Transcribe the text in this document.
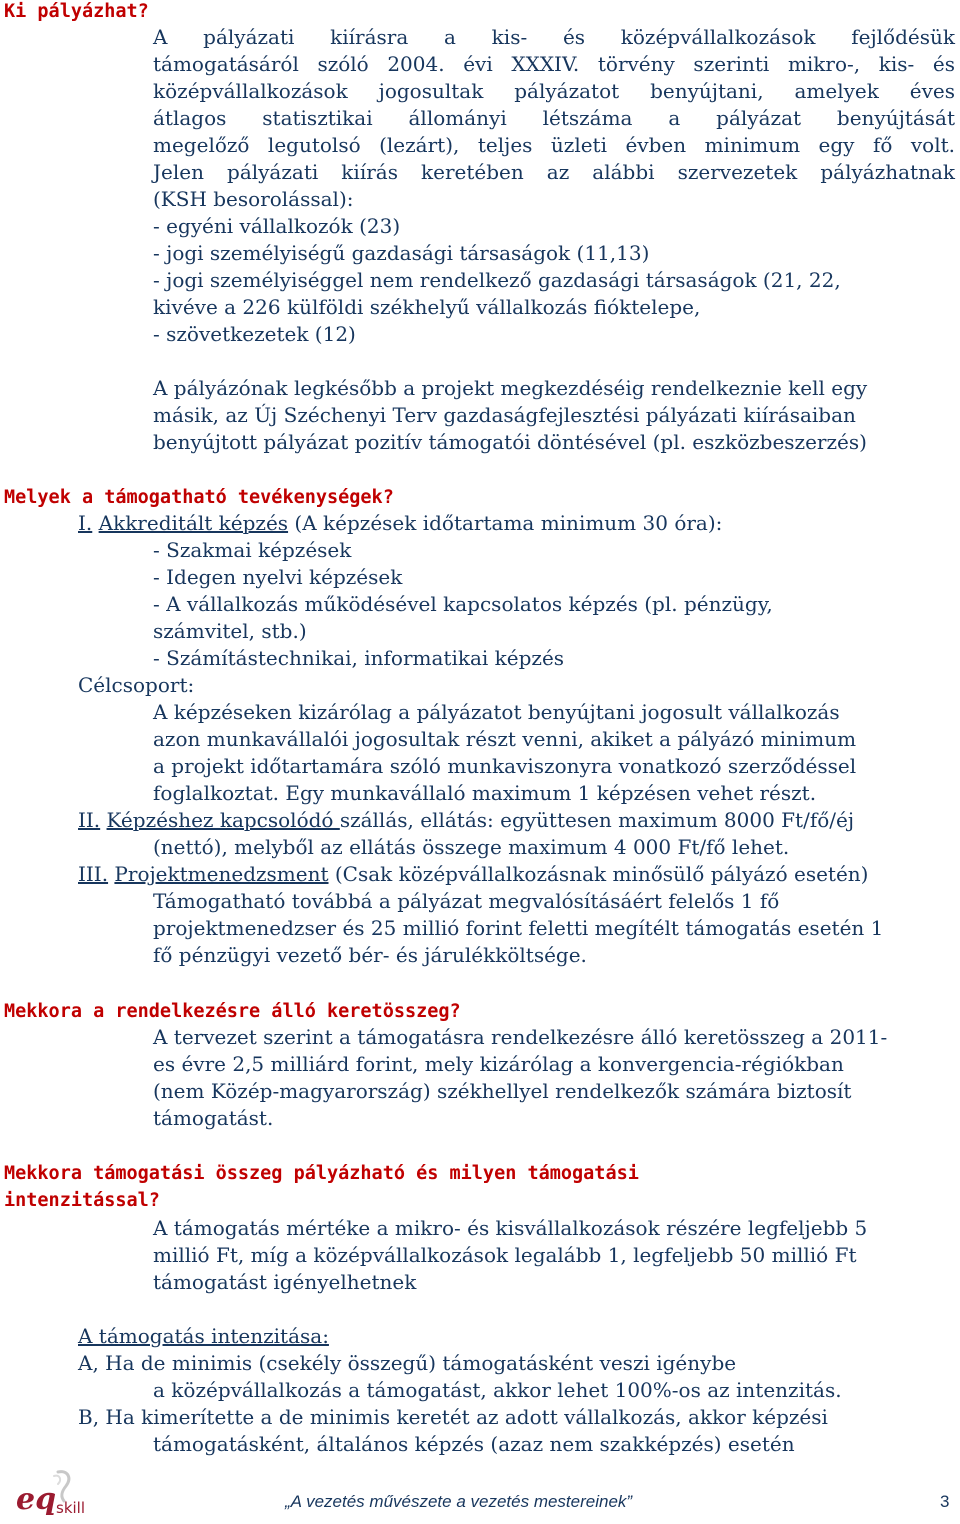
Ki pályázhat?
A pályázati kiírásra a kis- és középvállalkozások fejlődésük
támogatásáról szóló 2004. évi XXXIV. törvény szerinti mikro-, kis- és
középvállalkozások jogosultak pályázatot benyújtani, amelyek éves
átlagos statisztikai állományi létszáma a pályázat benyújtását
megelőző legutolsó (lezárt), teljes üzleti évben minimum egy fő volt.
Jelen pályázati kiírás keretében az alábbi szervezetek pályázhatnak
(KSH besorolással):
- egyéni vállalkozók (23)
- jogi személyiségű gazdasági társaságok (11,13)
- jogi személyiséggel nem rendelkező gazdasági társaságok (21, 22,
kivéve a 226 külföldi székhelyű vállalkozás fióktelepe,
- szövetkezetek (12)
A pályázónak legkésőbb a projekt megkezdéséig rendelkeznie kell egy
másik, az Új Széchenyi Terv gazdaságfejlesztési pályázati kiírásaiban
benyújtott pályázat pozitív támogatói döntésével (pl. eszközbeszerzés)
Melyek a támogatható tevékenységek?
I. Akkreditált képzés (A képzések időtartama minimum 30 óra):
- Szakmai képzések
- Idegen nyelvi képzések
- A vállalkozás működésével kapcsolatos képzés (pl. pénzügy,
számvitel, stb.)
- Számítástechnikai, informatikai képzés
Célcsoport:
A képzéseken kizárólag a pályázatot benyújtani jogosult vállalkozás
azon munkavállalói jogosultak részt venni, akiket a pályázó minimum
a projekt időtartamára szóló munkaviszonyra vonatkozó szerződéssel
foglalkoztat. Egy munkavállaló maximum 1 képzésen vehet részt.
II. Képzéshez kapcsolódó szállás, ellátás: együttesen maximum 8000 Ft/fő/éj
(nettó), melyből az ellátás összege maximum 4 000 Ft/fő lehet.
III. Projektmenedzsment (Csak középvállalkozásnak minősülő pályázó esetén)
Támogatható továbbá a pályázat megvalósításáért felelős 1 fő
projektmenedzser és 25 millió forint feletti megítélt támogatás esetén 1
fő pénzügyi vezető bér- és járulékköltsége.
Mekkora a rendelkezésre álló keretösszeg?
A tervezet szerint a támogatásra rendelkezésre álló keretösszeg a 2011-
es évre 2,5 milliárd forint, mely kizárólag a konvergencia-régiókban
(nem Közép-magyarország) székhellyel rendelkezők számára biztosít
támogatást.
Mekkora támogatási összeg pályázható és milyen támogatási
intenzitással?
A támogatás mértéke a mikro- és kisvállalkozások részére legfeljebb 5
millió Ft, míg a középvállalkozások legalább 1, legfeljebb 50 millió Ft
támogatást igényelhetnek
A támogatás intenzitása:
A, Ha de minimis (csekély összegű) támogatásként veszi igénybe
a középvállalkozás a támogatást, akkor lehet 100%-os az intenzitás.
B, Ha kimerítette a de minimis keretét az adott vállalkozás, akkor képzési
támogatásként, általános képzés (azaz nem szakképzés) esetén
eq skill	„A vezetés művészete a vezetés mestereinek”	3
